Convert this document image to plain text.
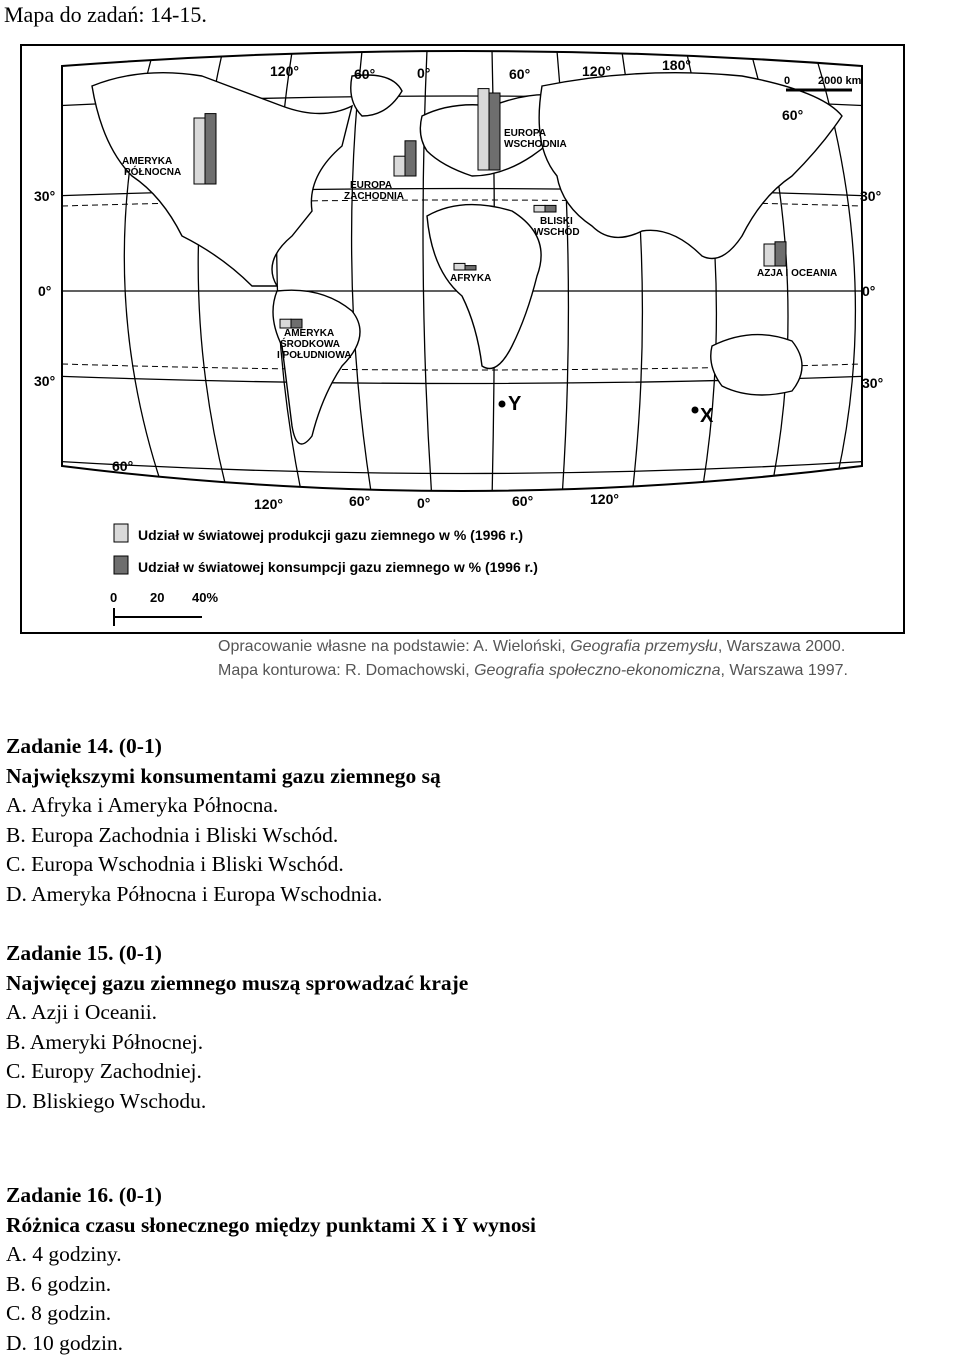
Mapa do zadań: 14-15.
120°	60°	0°	60°	120°	180°
60°
120°	60°	0°	60°	120°
30°
0°
30°
60°
30°
0°
30°
0	2000 km
AMERYKA PÓŁNOCNA
EUROPA ZACHODNIA
EUROPA WSCHODNIA
BLISKI WSCHÓD
AFRYKA
AMERYKA ŚRODKOWA I POŁUDNIOWA
AZJA I OCEANIA
Y
X
Udział w światowej produkcji gazu ziemnego w % (1996 r.)
Udział w światowej konsumpcji gazu ziemnego w % (1996 r.)
0	20 40%
Opracowanie własne na podstawie: A. Wieloński, Geografia przemysłu, Warszawa 2000.
Mapa konturowa: R. Domachowski, Geografia społeczno-ekonomiczna, Warszawa 1997.
Zadanie 14. (0-1)
Największymi konsumentami gazu ziemnego są
A. Afryka i Ameryka Północna.
B. Europa Zachodnia i Bliski Wschód.
C. Europa Wschodnia i Bliski Wschód.
D. Ameryka Północna i Europa Wschodnia.
Zadanie 15. (0-1)
Najwięcej gazu ziemnego muszą sprowadzać kraje
A. Azji i Oceanii.
B. Ameryki Północnej.
C. Europy Zachodniej.
D. Bliskiego Wschodu.
Zadanie 16. (0-1)
Różnica czasu słonecznego między punktami X i Y wynosi
A. 4 godziny.
B. 6 godzin.
C. 8 godzin.
D. 10 godzin.
